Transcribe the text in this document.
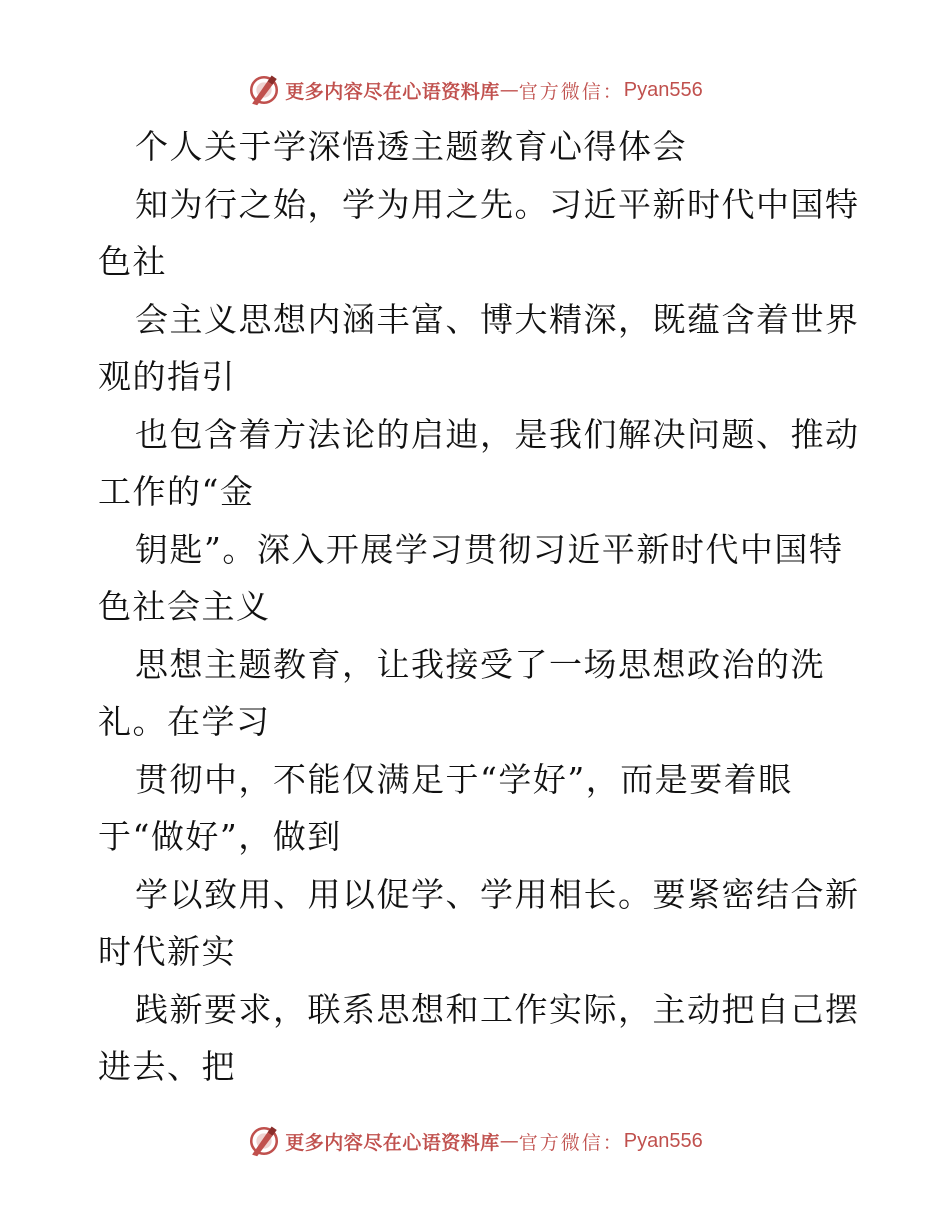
更多内容尽在心语资料库 — 官方微信： Pyan556
个人关于学深悟透主题教育心得体会
知为行之始，学为用之先。习近平新时代中国特
色社
会主义思想内涵丰富、博大精深，既蕴含着世界
观的指引
也包含着方法论的启迪，是我们解决问题、推动
工作的“金
钥匙”。深入开展学习贯彻习近平新时代中国特
色社会主义
思想主题教育，让我接受了一场思想政治的洗
礼。在学习
贯彻中，不能仅满足于“学好”，而是要着眼
于“做好”，做到
学以致用、用以促学、学用相长。要紧密结合新
时代新实
践新要求，联系思想和工作实际，主动把自己摆
进去、把
更多内容尽在心语资料库 — 官方微信： Pyan556
